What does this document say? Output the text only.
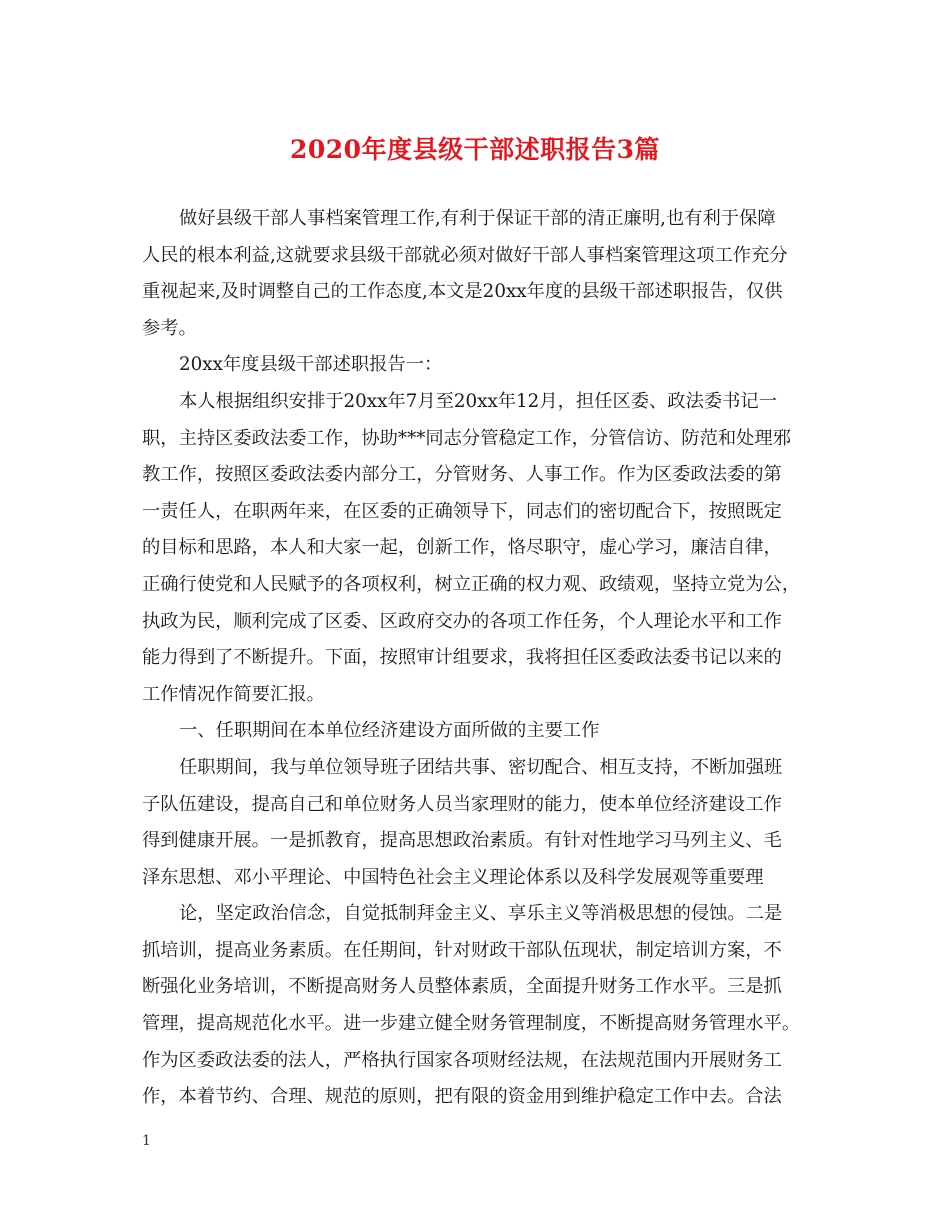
2020年度县级干部述职报告3篇
做好县级干部人事档案管理工作,有利于保证干部的清正廉明,也有利于保障
人民的根本利益,这就要求县级干部就必须对做好干部人事档案管理这项工作充分
重视起来,及时调整自己的工作态度,本文是20xx年度的县级干部述职报告，仅供
参考。
20xx年度县级干部述职报告一：
本人根据组织安排于20xx年7月至20xx年12月，担任区委、政法委书记一
职，主持区委政法委工作，协助***同志分管稳定工作，分管信访、防范和处理邪
教工作，按照区委政法委内部分工，分管财务、人事工作。作为区委政法委的第
一责任人，在职两年来，在区委的正确领导下，同志们的密切配合下，按照既定
的目标和思路，本人和大家一起，创新工作，恪尽职守，虚心学习，廉洁自律，
正确行使党和人民赋予的各项权利，树立正确的权力观、政绩观，坚持立党为公，
执政为民，顺利完成了区委、区政府交办的各项工作任务，个人理论水平和工作
能力得到了不断提升。下面，按照审计组要求，我将担任区委政法委书记以来的
工作情况作简要汇报。
一、任职期间在本单位经济建设方面所做的主要工作
任职期间，我与单位领导班子团结共事、密切配合、相互支持，不断加强班
子队伍建设，提高自己和单位财务人员当家理财的能力，使本单位经济建设工作
得到健康开展。一是抓教育，提高思想政治素质。有针对性地学习马列主义、毛
泽东思想、邓小平理论、中国特色社会主义理论体系以及科学发展观等重要理
论，坚定政治信念，自觉抵制拜金主义、享乐主义等消极思想的侵蚀。二是
抓培训，提高业务素质。在任期间，针对财政干部队伍现状，制定培训方案，不
断强化业务培训，不断提高财务人员整体素质，全面提升财务工作水平。三是抓
管理，提高规范化水平。进一步建立健全财务管理制度，不断提高财务管理水平。
作为区委政法委的法人，严格执行国家各项财经法规，在法规范围内开展财务工
作，本着节约、合理、规范的原则，把有限的资金用到维护稳定工作中去。合法
1
